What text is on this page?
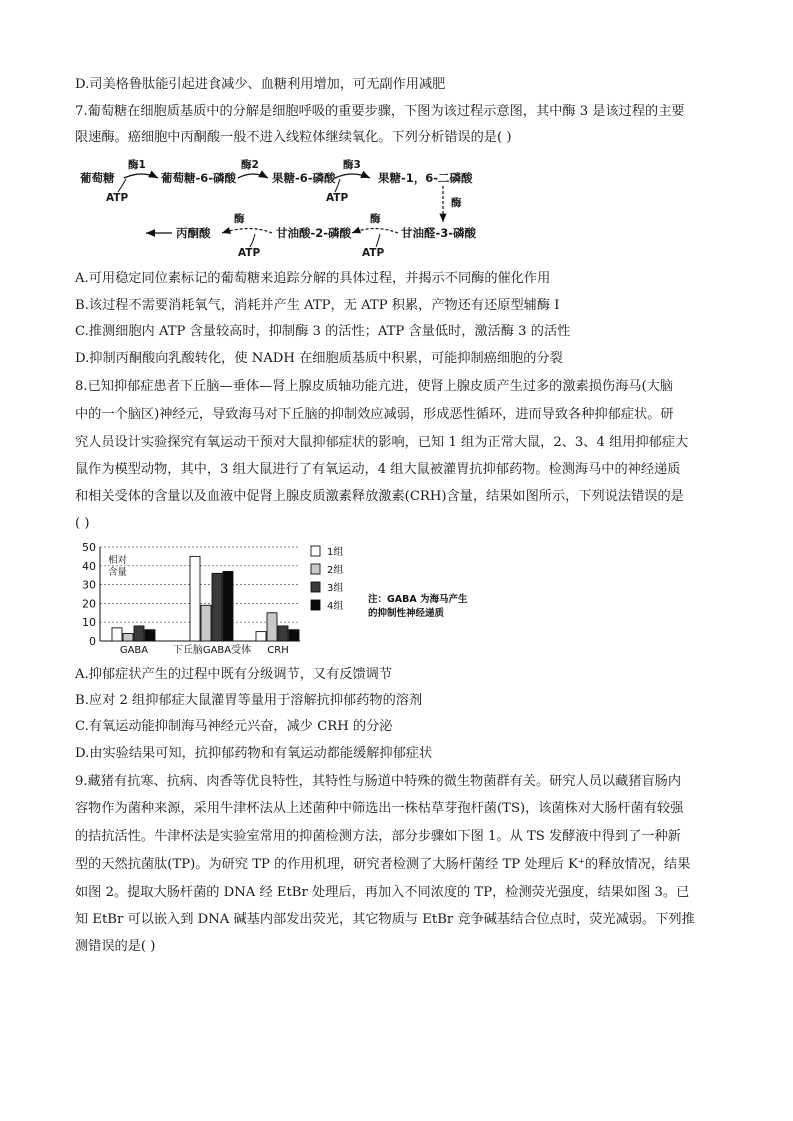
D.司美格鲁肽能引起进食减少、血糖利用增加，可无副作用减肥
7.葡萄糖在细胞质基质中的分解是细胞呼吸的重要步骤，下图为该过程示意图，其中酶 3 是该过程的主要
限速酶。癌细胞中丙酮酸一般不进入线粒体继续氧化。下列分析错误的是( )
葡萄糖
酶1
ATP
葡萄糖-6-磷酸
酶2
果糖-6-磷酸
酶3
ATP
果糖-1，6-二磷酸
酶
丙酮酸
酶
ATP
甘油酸-2-磷酸
酶
ATP
甘油醛-3-磷酸
A.可用稳定同位素标记的葡萄糖来追踪分解的具体过程，并揭示不同酶的催化作用
B.该过程不需要消耗氧气，消耗并产生 ATP，无 ATP 积累，产物还有还原型辅酶 I
C.推测细胞内 ATP 含量较高时，抑制酶 3 的活性；ATP 含量低时，激活酶 3 的活性
D.抑制丙酮酸向乳酸转化，使 NADH 在细胞质基质中积累，可能抑制癌细胞的分裂
8.已知抑郁症患者下丘脑—垂体—肾上腺皮质轴功能亢进，使肾上腺皮质产生过多的激素损伤海马(大脑
中的一个脑区)神经元，导致海马对下丘脑的抑制效应减弱，形成恶性循环，进而导致各种抑郁症状。研
究人员设计实验探究有氧运动干预对大鼠抑郁症状的影响，已知 1 组为正常大鼠，2、3、4 组用抑郁症大
鼠作为模型动物，其中，3 组大鼠进行了有氧运动，4 组大鼠被灌胃抗抑郁药物。检测海马中的神经递质
和相关受体的含量以及血液中促肾上腺皮质激素释放激素(CRH)含量，结果如图所示，下列说法错误的是
( )
0
10
20
30
40
50
相对
含量
GABA 下丘脑GABA受体 CRH
1组
2组
3组
4组
注：GABA 为海马产生
的抑制性神经递质
A.抑郁症状产生的过程中既有分级调节，又有反馈调节
B.应对 2 组抑郁症大鼠灌胃等量用于溶解抗抑郁药物的溶剂
C.有氧运动能抑制海马神经元兴奋，减少 CRH 的分泌
D.由实验结果可知，抗抑郁药物和有氧运动都能缓解抑郁症状
9.藏猪有抗寒、抗病、肉香等优良特性，其特性与肠道中特殊的微生物菌群有关。研究人员以藏猪盲肠内
容物作为菌种来源，采用牛津杯法从上述菌种中筛选出一株枯草芽孢杆菌(TS)，该菌株对大肠杆菌有较强
的拮抗活性。牛津杯法是实验室常用的抑菌检测方法，部分步骤如下图 1。从 TS 发酵液中得到了一种新
型的天然抗菌肽(TP)。为研究 TP 的作用机理，研究者检测了大肠杆菌经 TP 处理后 K⁺的释放情况，结果
如图 2。提取大肠杆菌的 DNA 经 EtBr 处理后，再加入不同浓度的 TP，检测荧光强度，结果如图 3。已
知 EtBr 可以嵌入到 DNA 碱基内部发出荧光，其它物质与 EtBr 竞争碱基结合位点时，荧光减弱。下列推
测错误的是( )
